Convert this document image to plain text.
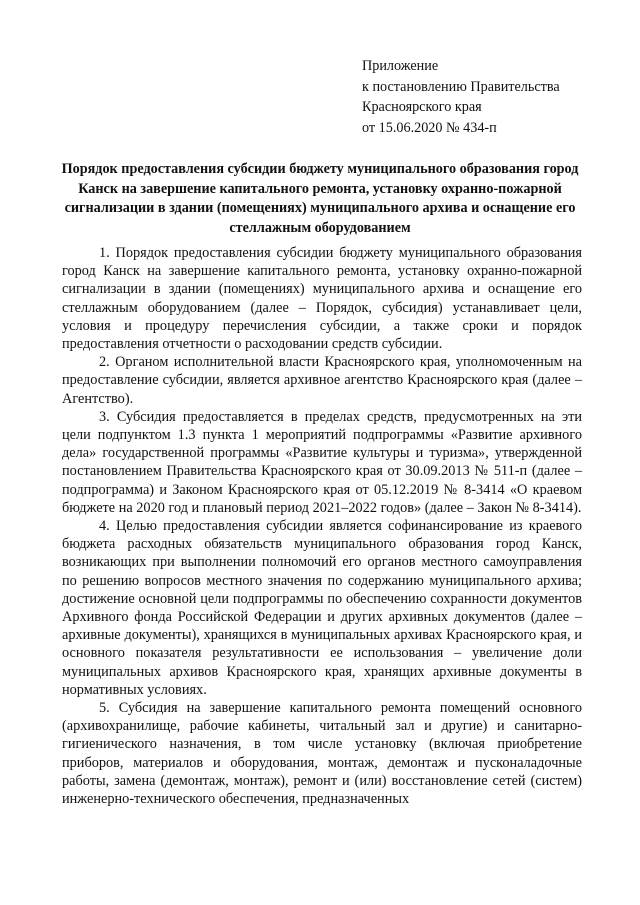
Приложение
к постановлению Правительства
Красноярского края
от 15.06.2020 № 434-п
Порядок предоставления субсидии бюджету муниципального образования город Канск на завершение капитального ремонта, установку охранно-пожарной сигнализации в здании (помещениях) муниципального архива и оснащение его стеллажным оборудованием

1. Порядок предоставления субсидии бюджету муниципального образования город Канск на завершение капитального ремонта, установку охранно-пожарной сигнализации в здании (помещениях) муниципального архива и оснащение его стеллажным оборудованием (далее – Порядок, субсидия) устанавливает цели, условия и процедуру перечисления субсидии, а также сроки и порядок предоставления отчетности о расходовании средств субсидии.

2. Органом исполнительной власти Красноярского края, уполномоченным на предоставление субсидии, является архивное агентство Красноярского края (далее – Агентство).

3. Субсидия предоставляется в пределах средств, предусмотренных на эти цели подпунктом 1.3 пункта 1 мероприятий подпрограммы «Развитие архивного дела» государственной программы «Развитие культуры и туризма», утвержденной постановлением Правительства Красноярского края от 30.09.2013 № 511-п (далее – подпрограмма) и Законом Красноярского края от 05.12.2019 № 8-3414 «О краевом бюджете на 2020 год и плановый период 2021–2022 годов» (далее – Закон № 8-3414).

4. Целью предоставления субсидии является софинансирование из краевого бюджета расходных обязательств муниципального образования город Канск, возникающих при выполнении полномочий его органов местного самоуправления по решению вопросов местного значения по содержанию муниципального архива; достижение основной цели подпрограммы по обеспечению сохранности документов Архивного фонда Российской Федерации и других архивных документов (далее – архивные документы), хранящихся в муниципальных архивах Красноярского края, и основного показателя результативности ее использования – увеличение доли муниципальных архивов Красноярского края, хранящих архивные документы в нормативных условиях.

5. Субсидия на завершение капитального ремонта помещений основного (архивохранилище, рабочие кабинеты, читальный зал и другие) и санитарно-гигиенического назначения, в том числе установку (включая приобретение приборов, материалов и оборудования, монтаж, демонтаж и пусконаладочные работы, замена (демонтаж, монтаж), ремонт и (или) восстановление сетей (систем) инженерно-технического обеспечения, предназначенных
